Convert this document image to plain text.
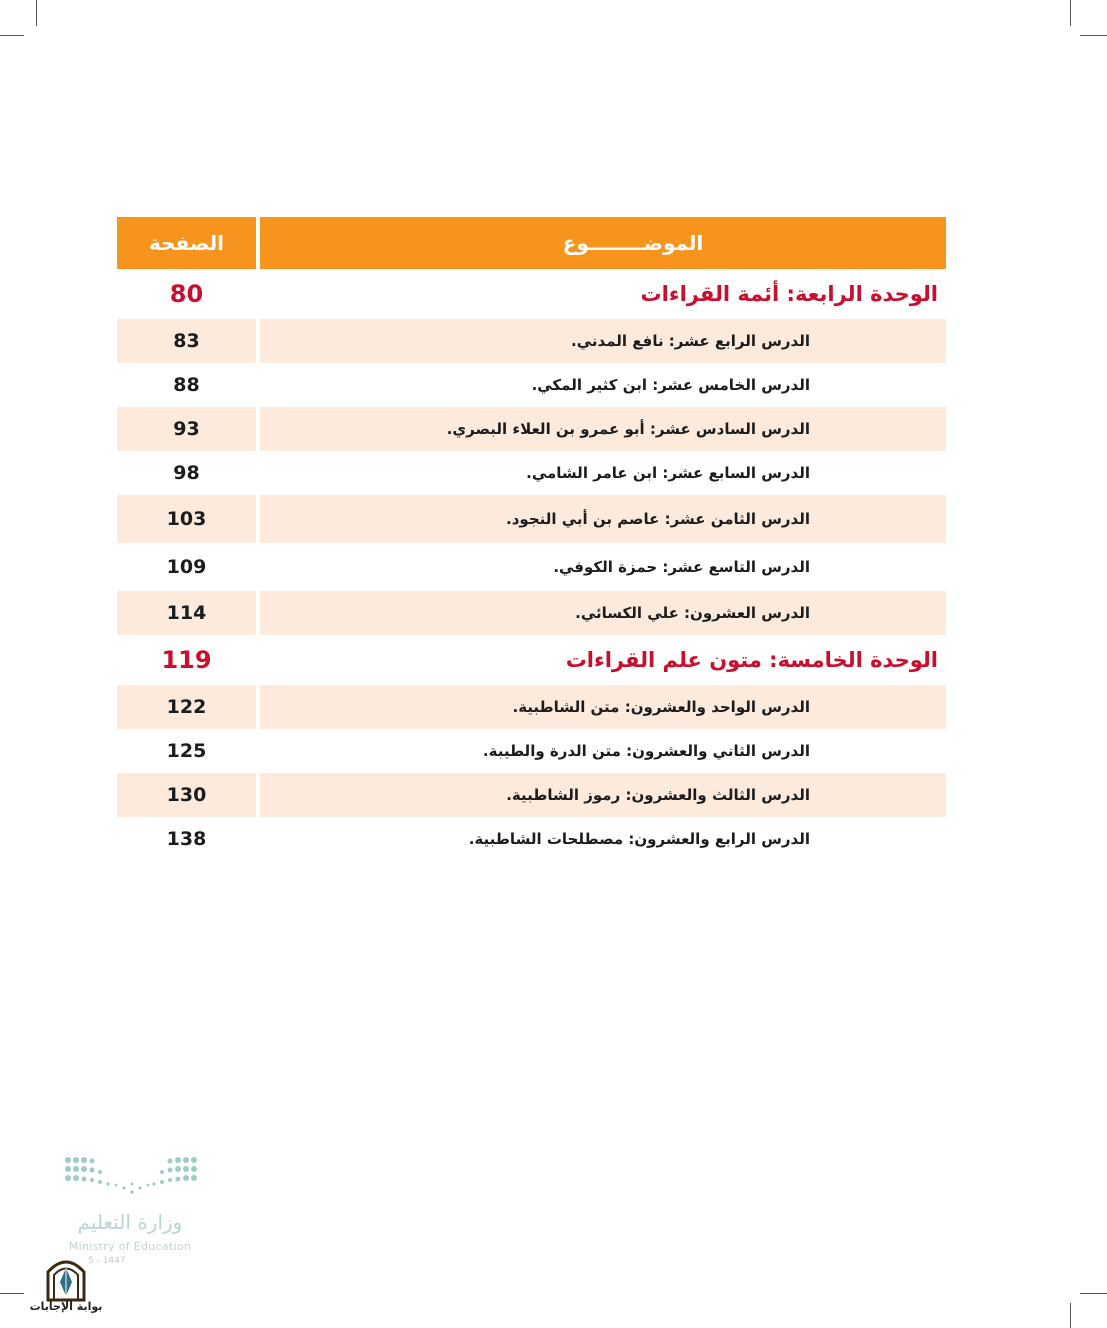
الصفحة	الموضــــــــوع
80	الوحدة الرابعة: أئمة القراءات
83	الدرس الرابع عشر: نافع المدني.
88	الدرس الخامس عشر: ابن كثير المكي.
93	الدرس السادس عشر: أبو عمرو بن العلاء البصري.
98	الدرس السابع عشر: ابن عامر الشامي.
103	الدرس الثامن عشر: عاصم بن أبي النجود.
109	الدرس التاسع عشر: حمزة الكوفي.
114	الدرس العشرون: علي الكسائي.
119	الوحدة الخامسة: متون علم القراءات
122	الدرس الواحد والعشرون: متن الشاطبية.
125	الدرس الثاني والعشرون: متن الدرة والطيبة.
130	الدرس الثالث والعشرون: رموز الشاطبية.
138	الدرس الرابع والعشرون: مصطلحات الشاطبية.
وزارة التعليم
Ministry of Education
5 - 1447
بوابة الإجابات
